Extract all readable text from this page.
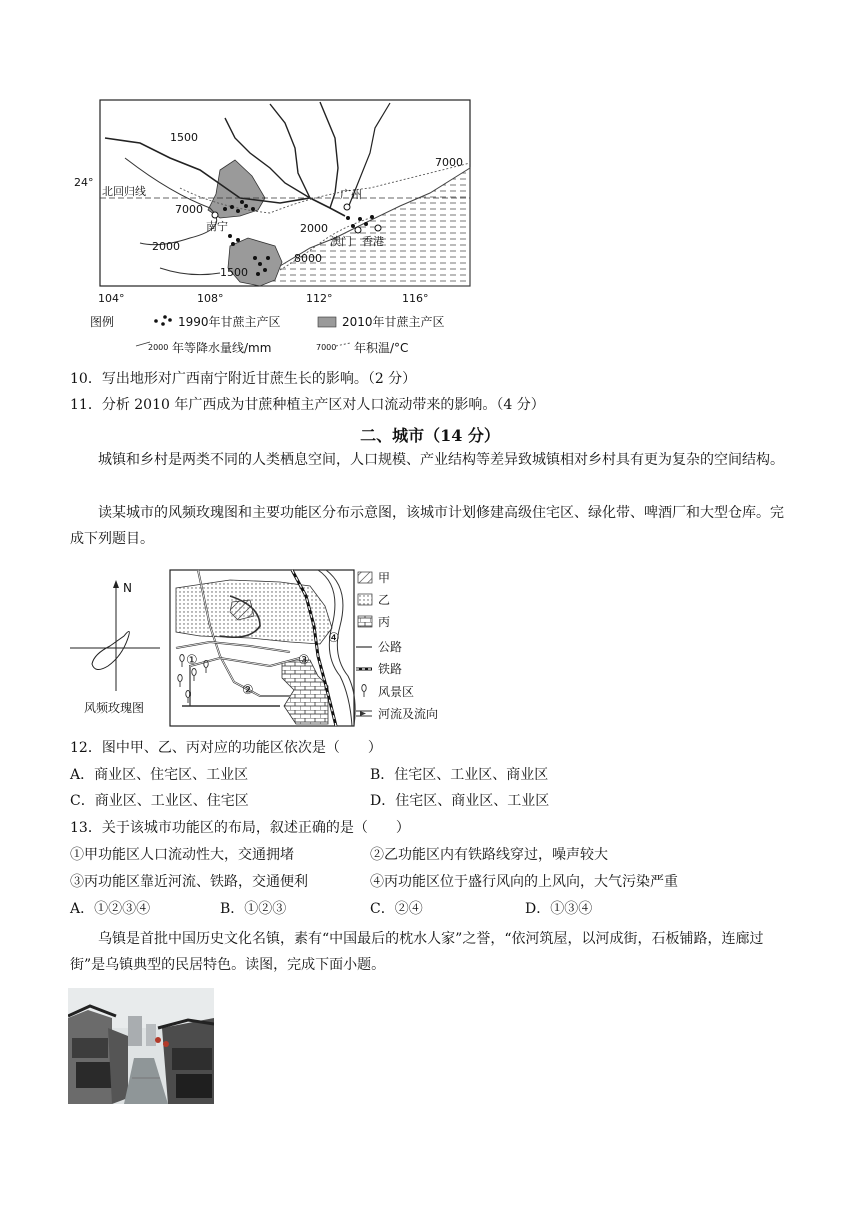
1500
7000
24°
北回归线
7000
南宁
2000
1500
广州
2000
澳门 香港
8000
104°	108°	112°	116°
图例	1990年甘蔗主产区	2010年甘蔗主产区
2000 年等降水量线/mm	7000 年积温/°C
10．写出地形对广西南宁附近甘蔗生长的影响。（2 分）
11．分析 2010 年广西成为甘蔗种植主产区对人口流动带来的影响。（4 分）
二、城市（14 分）
城镇和乡村是两类不同的人类栖息空间，人口规模、产业结构等差异致城镇相对乡村具有更为复杂的空间结构。
读某城市的风频玫瑰图和主要功能区分布示意图，该城市计划修建高级住宅区、绿化带、啤酒厂和大型仓库。完成下列题目。
N
风频玫瑰图
①
②
③
④
甲
乙
丙
公路
铁路
风景区
河流及流向
12．图中甲、乙、丙对应的功能区依次是（　　）
A．商业区、住宅区、工业区	B．住宅区、工业区、商业区
C．商业区、工业区、住宅区	D．住宅区、商业区、工业区
13．关于该城市功能区的布局，叙述正确的是（　　）
①甲功能区人口流动性大，交通拥堵	②乙功能区内有铁路线穿过，噪声较大
③丙功能区靠近河流、铁路，交通便利	④丙功能区位于盛行风向的上风向，大气污染严重
A．①②③④	B．①②③	C．②④	D．①③④
乌镇是首批中国历史文化名镇，素有“中国最后的枕水人家”之誉，“依河筑屋，以河成街，石板铺路，连廊过街”是乌镇典型的民居特色。读图，完成下面小题。
